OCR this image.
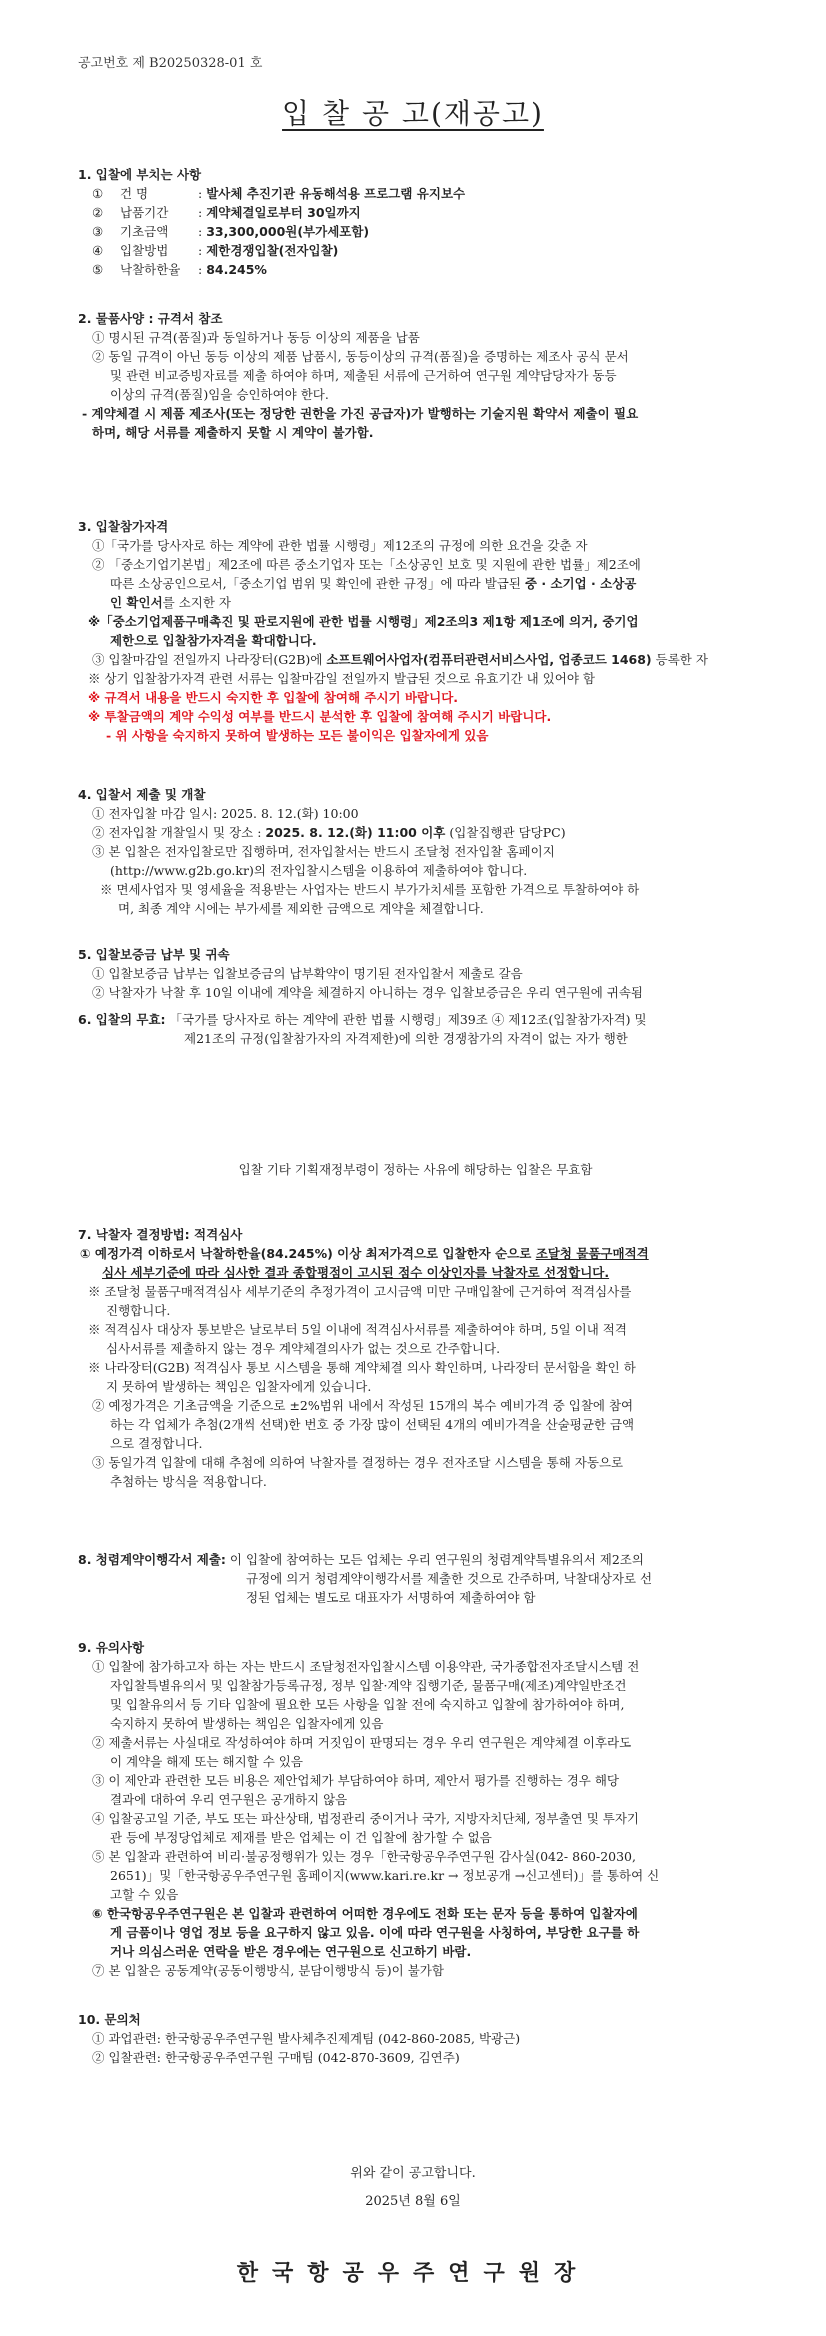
공고번호 제 B20250328-01 호
입 찰 공 고(재공고)
1. 입찰에 부치는 사항
①	건 명	: 발사체 추진기관 유동해석용 프로그램 유지보수
②	납품기간	: 계약체결일로부터 30일까지
③	기초금액	: 33,300,000원(부가세포함)
④	입찰방법	: 제한경쟁입찰(전자입찰)
⑤	낙찰하한율	: 84.245%
2. 물품사양 : 규격서 참조
① 명시된 규격(품질)과 동일하거나 동등 이상의 제품을 납품
② 동일 규격이 아닌 동등 이상의 제품 납품시, 동등이상의 규격(품질)을 증명하는 제조사 공식 문서
및 관련 비교증빙자료를 제출 하여야 하며, 제출된 서류에 근거하여 연구원 계약담당자가 동등
이상의 규격(품질)임을 승인하여야 한다.
- 계약체결 시 제품 제조사(또는 정당한 권한을 가진 공급자)가 발행하는 기술지원 확약서 제출이 필요
하며, 해당 서류를 제출하지 못할 시 계약이 불가함.
3. 입찰참가자격
①「국가를 당사자로 하는 계약에 관한 법률 시행령」제12조의 규정에 의한 요건을 갖춘 자
② 「중소기업기본법」제2조에 따른 중소기업자 또는「소상공인 보호 및 지원에 관한 법률」제2조에
따른 소상공인으로서,「중소기업 범위 및 확인에 관한 규정」에 따라 발급된 중 · 소기업 · 소상공
인 확인서를 소지한 자
※「중소기업제품구매촉진 및 판로지원에 관한 법률 시행령」제2조의3 제1항 제1조에 의거, 중기업
제한으로 입찰참가자격을 확대합니다.
③ 입찰마감일 전일까지 나라장터(G2B)에 소프트웨어사업자(컴퓨터관련서비스사업, 업종코드 1468) 등록한 자
※ 상기 입찰참가자격 관련 서류는 입찰마감일 전일까지 발급된 것으로 유효기간 내 있어야 함
※ 규격서 내용을 반드시 숙지한 후 입찰에 참여해 주시기 바랍니다.
※ 투찰금액의 계약 수익성 여부를 반드시 분석한 후 입찰에 참여해 주시기 바랍니다.
- 위 사항을 숙지하지 못하여 발생하는 모든 불이익은 입찰자에게 있음
4. 입찰서 제출 및 개찰
① 전자입찰 마감 일시: 2025. 8. 12.(화) 10:00
② 전자입찰 개찰일시 및 장소 : 2025. 8. 12.(화) 11:00 이후 (입찰집행관 담당PC)
③ 본 입찰은 전자입찰로만 집행하며, 전자입찰서는 반드시 조달청 전자입찰 홈페이지
(http://www.g2b.go.kr)의 전자입찰시스템을 이용하여 제출하여야 합니다.
※ 면세사업자 및 영세율을 적용받는 사업자는 반드시 부가가치세를 포함한 가격으로 투찰하여야 하
며, 최종 계약 시에는 부가세를 제외한 금액으로 계약을 체결합니다.
5. 입찰보증금 납부 및 귀속
① 입찰보증금 납부는 입찰보증금의 납부확약이 명기된 전자입찰서 제출로 갈음
② 낙찰자가 낙찰 후 10일 이내에 계약을 체결하지 아니하는 경우 입찰보증금은 우리 연구원에 귀속됨
6. 입찰의 무효: 「국가를 당사자로 하는 계약에 관한 법률 시행령」제39조 ④ 제12조(입찰참가자격) 및
제21조의 규정(입찰참가자의 자격제한)에 의한 경쟁참가의 자격이 없는 자가 행한
입찰 기타 기획재정부령이 정하는 사유에 해당하는 입찰은 무효함
7. 낙찰자 결정방법: 적격심사
① 예정가격 이하로서 낙찰하한율(84.245%) 이상 최저가격으로 입찰한자 순으로 조달청 물품구매적격
심사 세부기준에 따라 심사한 결과 종합평점이 고시된 점수 이상인자를 낙찰자로 선정합니다.
※ 조달청 물품구매적격심사 세부기준의 추정가격이 고시금액 미만 구매입찰에 근거하여 적격심사를
진행합니다.
※ 적격심사 대상자 통보받은 날로부터 5일 이내에 적격심사서류를 제출하여야 하며, 5일 이내 적격
심사서류를 제출하지 않는 경우 계약체결의사가 없는 것으로 간주합니다.
※ 나라장터(G2B) 적격심사 통보 시스템을 통해 계약체결 의사 확인하며, 나라장터 문서함을 확인 하
지 못하여 발생하는 책임은 입찰자에게 있습니다.
② 예정가격은 기초금액을 기준으로 ±2%범위 내에서 작성된 15개의 복수 예비가격 중 입찰에 참여
하는 각 업체가 추첨(2개씩 선택)한 번호 중 가장 많이 선택된 4개의 예비가격을 산술평균한 금액
으로 결정합니다.
③ 동일가격 입찰에 대해 추첨에 의하여 낙찰자를 결정하는 경우 전자조달 시스템을 통해 자동으로
추첨하는 방식을 적용합니다.
8. 청렴계약이행각서 제출: 이 입찰에 참여하는 모든 업체는 우리 연구원의 청렴계약특별유의서 제2조의
규정에 의거 청렴계약이행각서를 제출한 것으로 간주하며, 낙찰대상자로 선
정된 업체는 별도로 대표자가 서명하여 제출하여야 함
9. 유의사항
① 입찰에 참가하고자 하는 자는 반드시 조달청전자입찰시스템 이용약관, 국가종합전자조달시스템 전
자입찰특별유의서 및 입찰참가등록규정, 정부 입찰·계약 집행기준, 물품구매(제조)계약일반조건
및 입찰유의서 등 기타 입찰에 필요한 모든 사항을 입찰 전에 숙지하고 입찰에 참가하여야 하며,
숙지하지 못하여 발생하는 책임은 입찰자에게 있음
② 제출서류는 사실대로 작성하여야 하며 거짓임이 판명되는 경우 우리 연구원은 계약체결 이후라도
이 계약을 해제 또는 해지할 수 있음
③ 이 제안과 관련한 모든 비용은 제안업체가 부담하여야 하며, 제안서 평가를 진행하는 경우 해당
결과에 대하여 우리 연구원은 공개하지 않음
④ 입찰공고일 기준, 부도 또는 파산상태, 법정관리 중이거나 국가, 지방자치단체, 정부출연 및 투자기
관 등에 부정당업체로 제재를 받은 업체는 이 건 입찰에 참가할 수 없음
⑤ 본 입찰과 관련하여 비리·불공정행위가 있는 경우「한국항공우주연구원 감사실(042- 860-2030,
2651)」및「한국항공우주연구원 홈페이지(www.kari.re.kr → 정보공개 →신고센터)」를 통하여 신
고할 수 있음
⑥ 한국항공우주연구원은 본 입찰과 관련하여 어떠한 경우에도 전화 또는 문자 등을 통하여 입찰자에
게 금품이나 영업 정보 등을 요구하지 않고 있음. 이에 따라 연구원을 사칭하여, 부당한 요구를 하
거나 의심스러운 연락을 받은 경우에는 연구원으로 신고하기 바람.
⑦ 본 입찰은 공동계약(공동이행방식, 분담이행방식 등)이 불가함
10. 문의처
① 과업관련: 한국항공우주연구원 발사체추진제계팀 (042-860-2085, 박광근)
② 입찰관련: 한국항공우주연구원 구매팀 (042-870-3609, 김연주)
위와 같이 공고합니다.
2025년 8월 6일
한국항공우주연구원장
